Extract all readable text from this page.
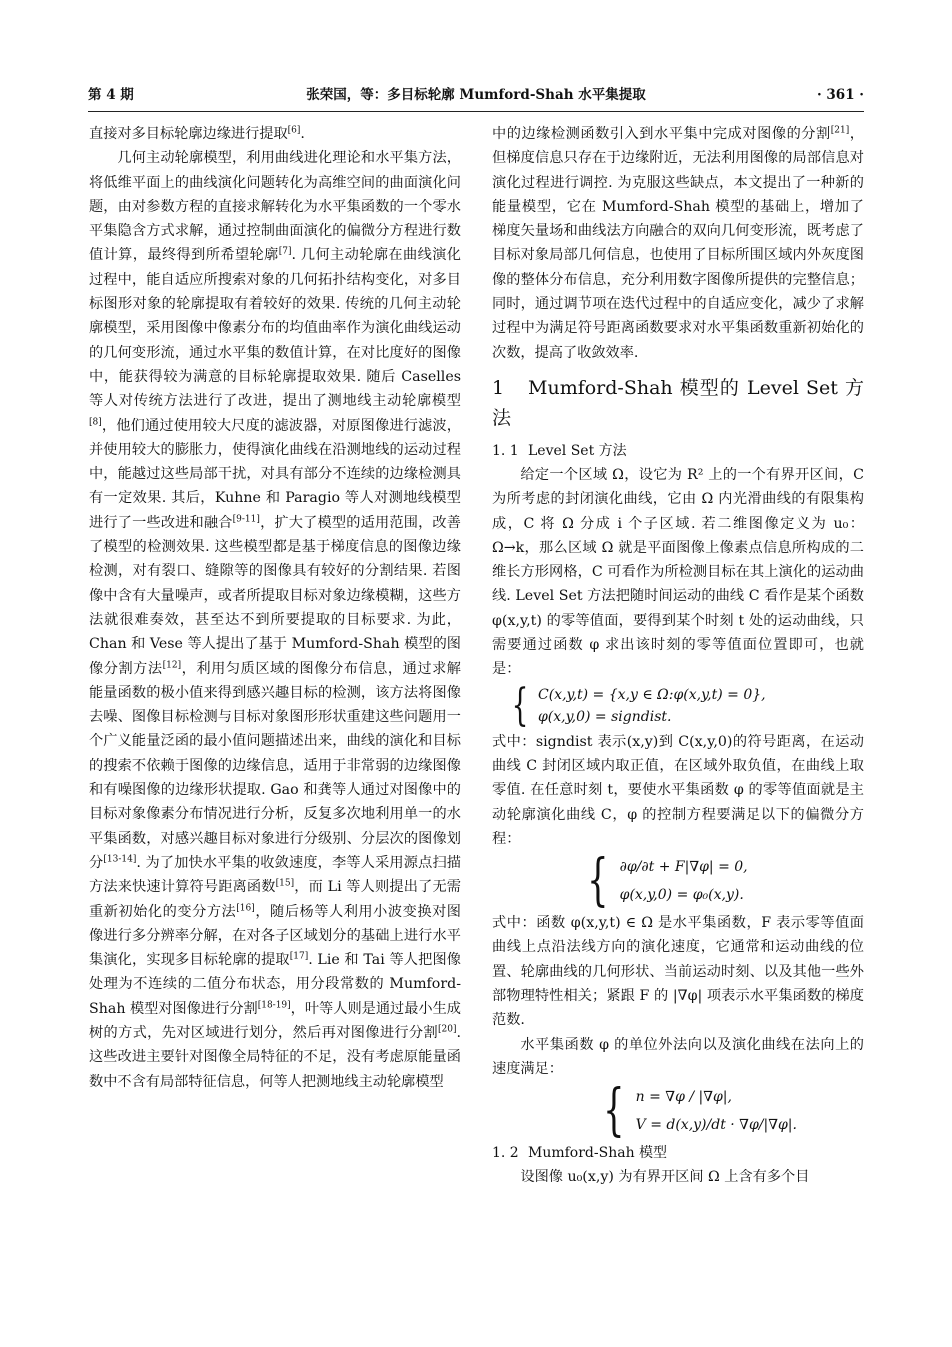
第 4 期	张荣国，等：多目标轮廓 Mumford-Shah 水平集提取	· 361 ·

直接对多目标轮廓边缘进行提取[6].

几何主动轮廓模型，利用曲线进化理论和水平集方法，将低维平面上的曲线演化问题转化为高维空间的曲面演化问题，由对参数方程的直接求解转化为水平集函数的一个零水平集隐含方式求解，通过控制曲面演化的偏微分方程进行数值计算，最终得到所希望轮廓[7]. 几何主动轮廓在曲线演化过程中，能自适应所搜索对象的几何拓扑结构变化，对多目标图形对象的轮廓提取有着较好的效果. 传统的几何主动轮廓模型，采用图像中像素分布的均值曲率作为演化曲线运动的几何变形流，通过水平集的数值计算，在对比度好的图像中，能获得较为满意的目标轮廓提取效果. 随后 Caselles 等人对传统方法进行了改进，提出了测地线主动轮廓模型[8]，他们通过使用较大尺度的滤波器，对原图像进行滤波，并使用较大的膨胀力，使得演化曲线在沿测地线的运动过程中，能越过这些局部干扰，对具有部分不连续的边缘检测具有一定效果. 其后，Kuhne 和 Paragio 等人对测地线模型进行了一些改进和融合[9-11]，扩大了模型的适用范围，改善了模型的检测效果. 这些模型都是基于梯度信息的图像边缘检测，对有裂口、缝隙等的图像具有较好的分割结果. 若图像中含有大量噪声，或者所提取目标对象边缘模糊，这些方法就很难奏效，甚至达不到所要提取的目标要求. 为此，Chan 和 Vese 等人提出了基于 Mumford-Shah 模型的图像分割方法[12]，利用匀质区域的图像分布信息，通过求解能量函数的极小值来得到感兴趣目标的检测，该方法将图像去噪、图像目标检测与目标对象图形形状重建这些问题用一个广义能量泛函的最小值问题描述出来，曲线的演化和目标的搜索不依赖于图像的边缘信息，适用于非常弱的边缘图像和有噪图像的边缘形状提取. Gao 和龚等人通过对图像中的目标对象像素分布情况进行分析，反复多次地利用单一的水平集函数，对感兴趣目标对象进行分级别、分层次的图像划分[13-14]. 为了加快水平集的收敛速度，李等人采用源点扫描方法来快速计算符号距离函数[15]，而 Li 等人则提出了无需重新初始化的变分方法[16]，随后杨等人利用小波变换对图像进行多分辨率分解，在对各子区域划分的基础上进行水平集演化，实现多目标轮廓的提取[17]. Lie 和 Tai 等人把图像处理为不连续的二值分布状态，用分段常数的 Mumford-Shah 模型对图像进行分割[18-19]，叶等人则是通过最小生成树的方式，先对区域进行划分，然后再对图像进行分割[20]. 这些改进主要针对图像全局特征的不足，没有考虑原能量函数中不含有局部特征信息，何等人把测地线主动轮廓模型

中的边缘检测函数引入到水平集中完成对图像的分割[21]，但梯度信息只存在于边缘附近，无法利用图像的局部信息对演化过程进行调控. 为克服这些缺点，本文提出了一种新的能量模型，它在 Mumford-Shah 模型的基础上，增加了梯度矢量场和曲线法方向融合的双向几何变形流，既考虑了目标对象局部几何信息，也使用了目标所围区域内外灰度图像的整体分布信息，充分利用数字图像所提供的完整信息；同时，通过调节项在迭代过程中的自适应变化，减少了求解过程中为满足符号距离函数要求对水平集函数重新初始化的次数，提高了收敛效率.

1 Mumford-Shah 模型的 Level Set 方法
1. 1 Level Set 方法

给定一个区域 Ω，设它为 R² 上的一个有界开区间，C 为所考虑的封闭演化曲线，它由 Ω 内光滑曲线的有限集构成，C 将 Ω 分成 i 个子区域. 若二维图像定义为 u₀：Ω→k，那么区域 Ω 就是平面图像上像素点信息所构成的二维长方形网格，C 可看作为所检测目标在其上演化的运动曲线. Level Set 方法把随时间运动的曲线 C 看作是某个函数 φ(x,y,t) 的零等值面，要得到某个时刻 t 处的运动曲线，只需要通过函数 φ 求出该时刻的零等值面位置即可，也就是：

{ C(x,y,t) = {x,y ∈ Ω:φ(x,y,t) = 0},
φ(x,y,0) = signdist.

式中：signdist 表示(x,y)到 C(x,y,0)的符号距离，在运动曲线 C 封闭区域内取正值，在区域外取负值，在曲线上取零值. 在任意时刻 t，要使水平集函数 φ 的零等值面就是主动轮廓演化曲线 C，φ 的控制方程要满足以下的偏微分方程：

{ ∂φ/∂t + F|∇φ| = 0,
φ(x,y,0) = φ₀(x,y).

式中：函数 φ(x,y,t) ∈ Ω 是水平集函数，F 表示零等值面曲线上点沿法线方向的演化速度，它通常和运动曲线的位置、轮廓曲线的几何形状、当前运动时刻、以及其他一些外部物理特性相关；紧跟 F 的 |∇φ| 项表示水平集函数的梯度范数.

水平集函数 φ 的单位外法向以及演化曲线在法向上的速度满足：

{ n = ∇φ / |∇φ|,
V = d(x,y)/dt · ∇φ/|∇φ|.
1. 2 Mumford-Shah 模型

设图像 u₀(x,y) 为有界开区间 Ω 上含有多个目
